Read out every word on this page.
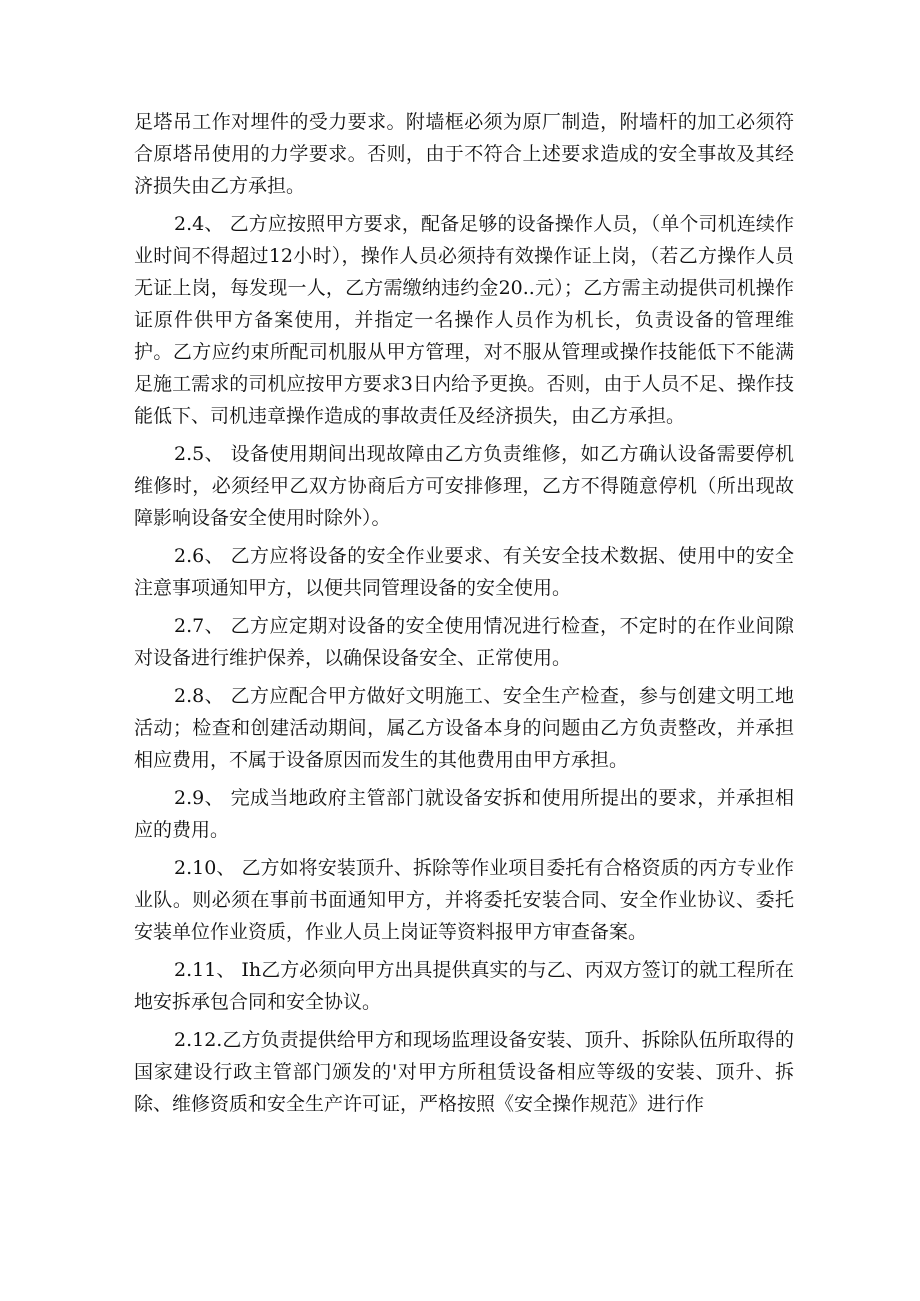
足塔吊工作对埋件的受力要求。附墙框必须为原厂制造，附墙杆的加工必须符合原塔吊使用的力学要求。否则，由于不符合上述要求造成的安全事故及其经济损失由乙方承担。

2.4、 乙方应按照甲方要求，配备足够的设备操作人员，（单个司机连续作业时间不得超过12小时），操作人员必须持有效操作证上岗，（若乙方操作人员无证上岗，每发现一人，乙方需缴纳违约金20..元）；乙方需主动提供司机操作证原件供甲方备案使用，并指定一名操作人员作为机长，负责设备的管理维护。乙方应约束所配司机服从甲方管理，对不服从管理或操作技能低下不能满足施工需求的司机应按甲方要求3日内给予更换。否则，由于人员不足、操作技能低下、司机违章操作造成的事故责任及经济损失，由乙方承担。

2.5、 设备使用期间出现故障由乙方负责维修，如乙方确认设备需要停机维修时，必须经甲乙双方协商后方可安排修理，乙方不得随意停机（所出现故障影响设备安全使用时除外）。

2.6、 乙方应将设备的安全作业要求、有关安全技术数据、使用中的安全注意事项通知甲方，以便共同管理设备的安全使用。

2.7、 乙方应定期对设备的安全使用情况进行检查，不定时的在作业间隙对设备进行维护保养，以确保设备安全、正常使用。

2.8、 乙方应配合甲方做好文明施工、安全生产检查，参与创建文明工地活动；检查和创建活动期间，属乙方设备本身的问题由乙方负责整改，并承担相应费用，不属于设备原因而发生的其他费用由甲方承担。

2.9、 完成当地政府主管部门就设备安拆和使用所提出的要求，并承担相应的费用。

2.10、 乙方如将安装顶升、拆除等作业项目委托有合格资质的丙方专业作业队。则必须在事前书面通知甲方，并将委托安装合同、安全作业协议、委托安装单位作业资质，作业人员上岗证等资料报甲方审查备案。

2.11、 Ih乙方必须向甲方出具提供真实的与乙、丙双方签订的就工程所在地安拆承包合同和安全协议。

2.12.乙方负责提供给甲方和现场监理设备安装、顶升、拆除队伍所取得的国家建设行政主管部门颁发的'对甲方所租赁设备相应等级的安装、顶升、拆除、维修资质和安全生产许可证，严格按照《安全操作规范》进行作
